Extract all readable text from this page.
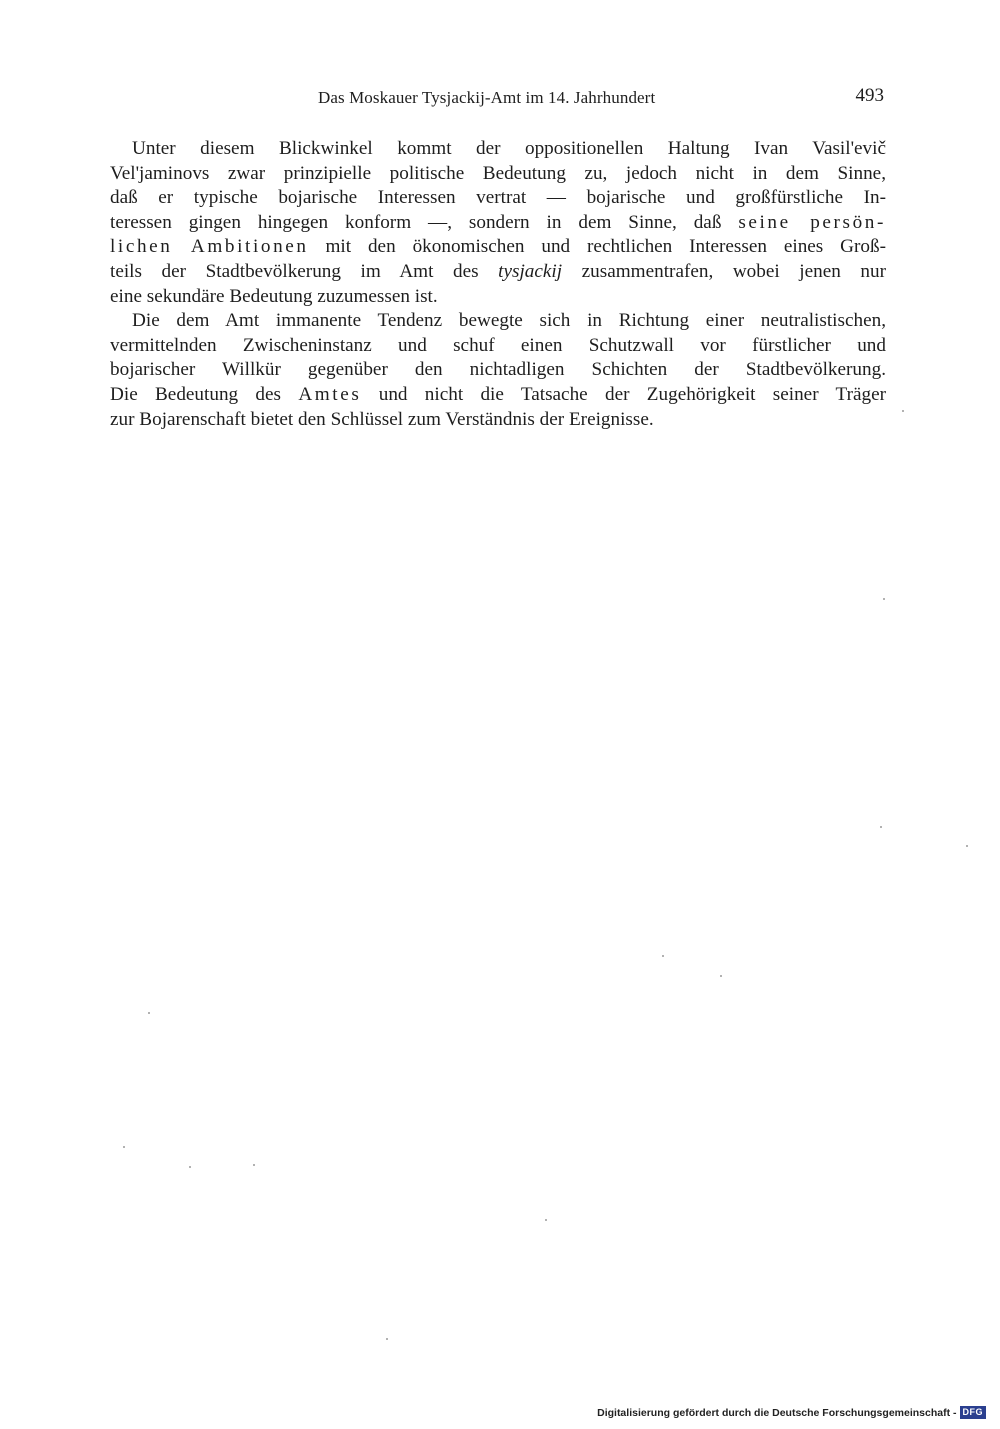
Das Moskauer Tysjackij-Amt im 14. Jahrhundert	493
Unter diesem Blickwinkel kommt der oppositionellen Haltung Ivan Vasil'evič
Vel'jaminovs zwar prinzipielle politische Bedeutung zu, jedoch nicht in dem Sinne,
daß er typische bojarische Interessen vertrat — bojarische und großfürstliche In-
teressen gingen hingegen konform —, sondern in dem Sinne, daß seine persön-
lichen Ambitionen mit den ökonomischen und rechtlichen Interessen eines Groß-
teils der Stadtbevölkerung im Amt des tysjackij zusammentrafen, wobei jenen nur
eine sekundäre Bedeutung zuzumessen ist.
Die dem Amt immanente Tendenz bewegte sich in Richtung einer neutralistischen,
vermittelnden Zwischeninstanz und schuf einen Schutzwall vor fürstlicher und
bojarischer Willkür gegenüber den nichtadligen Schichten der Stadtbevölkerung.
Die Bedeutung des Amtes und nicht die Tatsache der Zugehörigkeit seiner Träger
zur Bojarenschaft bietet den Schlüssel zum Verständnis der Ereignisse.
Digitalisierung gefördert durch die Deutsche Forschungsgemeinschaft - DFG
